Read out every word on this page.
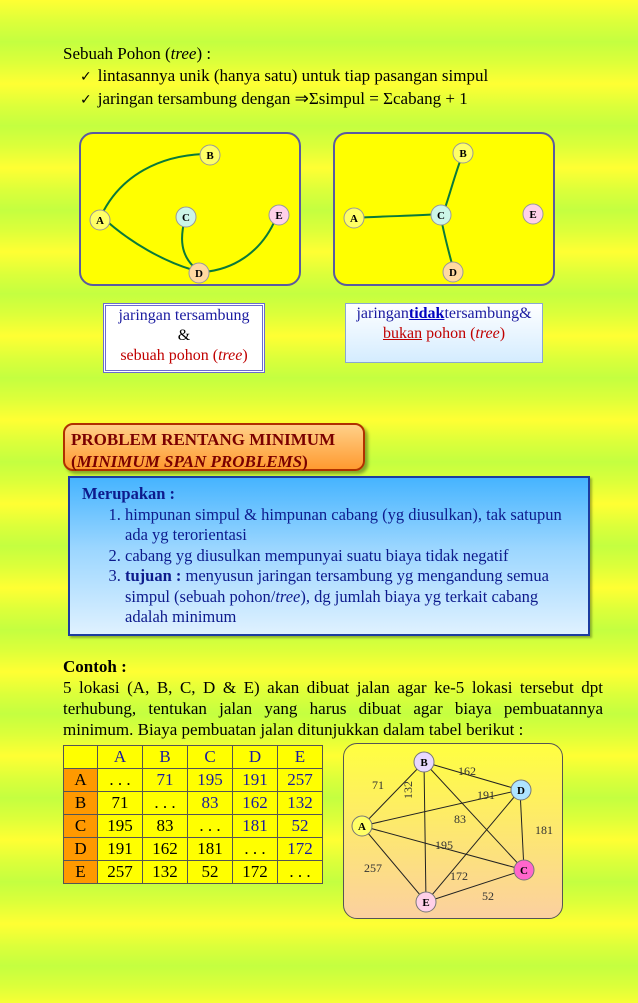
Sebuah Pohon (tree) :
✓ lintasannya unik (hanya satu) untuk tiap pasangan simpul
✓ jaringan tersambung dengan ⇒Σsimpul = Σcabang + 1
B
A	C	E
D
B
A	C	E
D
jaringan tersambung
&
sebuah pohon (tree)
jaringantidaktersambung&
bukan pohon (tree)
PROBLEM RENTANG MINIMUM
(MINIMUM SPAN PROBLEMS)
Merupakan :
1. himpunan simpul & himpunan cabang (yg diusulkan), tak satupun ada yg terorientasi
2. cabang yg diusulkan mempunyai suatu biaya tidak negatif
3. tujuan : menyusun jaringan tersambung yg mengandung semua simpul (sebuah pohon/tree), dg jumlah biaya yg terkait cabang adalah minimum
Contoh :
5 lokasi (A, B, C, D & E) akan dibuat jalan agar ke-5 lokasi tersebut dpt terhubung, tentukan jalan yang harus dibuat agar biaya pembuatannya minimum. Biaya pembuatan jalan ditunjukkan dalam tabel berikut :
	A	B	C	D	E
A	. . .	71	195	191	257
B	71	. . .	83	162	132
C	195	83	. . .	181	52
D	191	162	181	. . .	172
E	257	132	52	172	. . .
71 132
162
191
83
181
195
257
172
52
B
A
D
C
E
